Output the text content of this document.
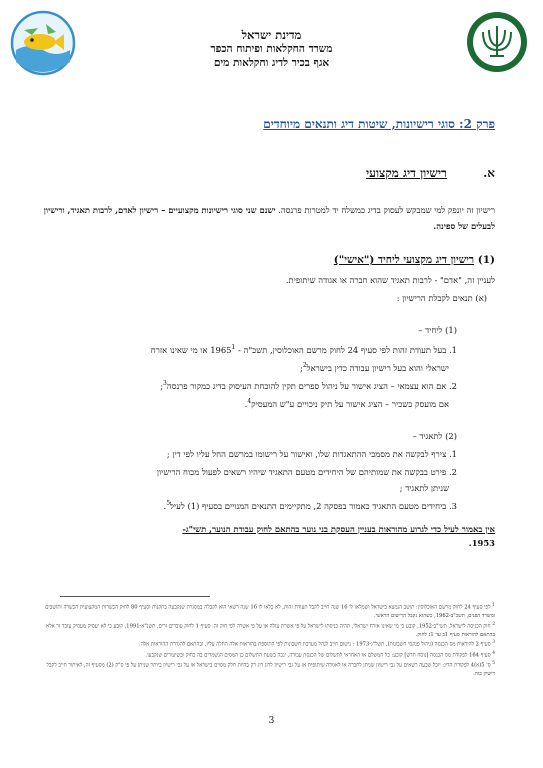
מדינת ישראל
משרד החקלאות ופיתוח הכפר
אגף בכיר לדיג וחקלאות מים
פרק 2: סוגי רישיונות, שיטות דיג ותנאים מיוחדים
א. רישיון דיג מקצועי
רישיון זה יונפק למי שמבקש לעסוק בדיג כמשלח יד למטרות פרנסה. ישנם שני סוגי רישיונות מקצועיים – רישיון לאדם, לרבות תאגיד, ורישיון לבעלים של ספינה.
(1) רישיון דיג מקצועי ליחיד ("אישי")
לעניין זה, "אדם" - לרבות תאגיד שהוא חברה או אגודה שיתופית.
(א) תנאים לקבלת הרישיון :
(1) ליחיד –
1. בעל תעודת זהות לפי סעיף 24 לחוק מרשם האוכלוסין, תשכ"ה - 1965$^1$ או מי שאינו אזרח
ישראלי והוא בעל רישיון עבודה כדין בישראל$^2$;
2. אם הוא עצמאי – הציג אישור על ניהול ספרים תקין להוכחת העיסוק בדיג כמקור פרנסה$^3$;
אם מועסק כשכיר – הציג אישור על תיק ניכויים ע"ש המעסיק$^4$.
(2) לתאגיד –
1. צירף לבקשה את מסמכי ההתאגדות שלו, ואישור על רישומו במרשם החל עליו לפי דין ;
2. פירט בבקשה את שמותיהם של היחידים מטעם התאגיד שיהיו רשאים לפעול מכוח הרישיון
שניתן לתאגיד ;
3. ביחידים מטעם התאגיד כאמור בפסקה 2, מתקיימים התנאים המנויים בסעיף (1) לעיל$^5$.
אין באמור לעיל כדי לגרוע מהוראות בעניין העסקת בני נוער בהתאם לחוק עבודת הנוער, תשי"ג-
1953.
$^1$ לפי סעיף 24 לחוק מרשם האוכלוסין: תושב הנמצא בישראל ושמלאו לו 16 שנה חייב לקבל תעודת זהות, לא כלאו לו 16 שנה רשאי הוא לקבלה במסגרת שנקבעה בתקנות וסעיף 80 לחוק הכשרות המקצועית הכשרה ותושבים ומשרד הפנים, תשכ"ב-1962, כשהוא נקבל הרישום הראשי.
$^2$ חוק הכניסה לישראל, תשי"ב-1952, קובע כי מי שאינו אזרח ישראלי, תהיה כניסתו לישראל על פי אשרת עולה או על פי אשרה לפי חוק זה. סעיף 1 לחוק עובדים זרים, תשנ"א-1991, קובע כי לא יעסיק מעסיק עובד זר אלא בהתאם להוראות סעיף 1ב עד 1ג לחוק.
$^3$ סעיף 2 להוראות מס הכנסה (ניהול פנקסי חשבונות), תשל"ג-1973 : נישום חייב לנהל מערכת חשבונות לפי התוספת בהוראות אלה החלה עליו, ובהתאם להגדרת ההוראות אלה.
$^4$ סעיף 164 לפקודת מס הכנסה [נוסח חדש] קובע: כל המשלם או האחראי לתשלום של הכנסת עבודה, ינכה בשעת התשלום כן המסים הנשמרים בה כחוק ובשיעורים שנקבעו.
$^5$ ס' 5(א)4 לפקודת הדיג: יוכל שבעה רשאים על גבי רישיון שניתן לחברה או לאגודה שיתופית או על גבי רישיון לדוג דוג רק בהיות חלק מסוים בישראל או על גבי רישיון ביותר שניתן על פי ס"ק (2) מסעיף זה, לאיתור חייב לקבל רישיון כזה.
3
